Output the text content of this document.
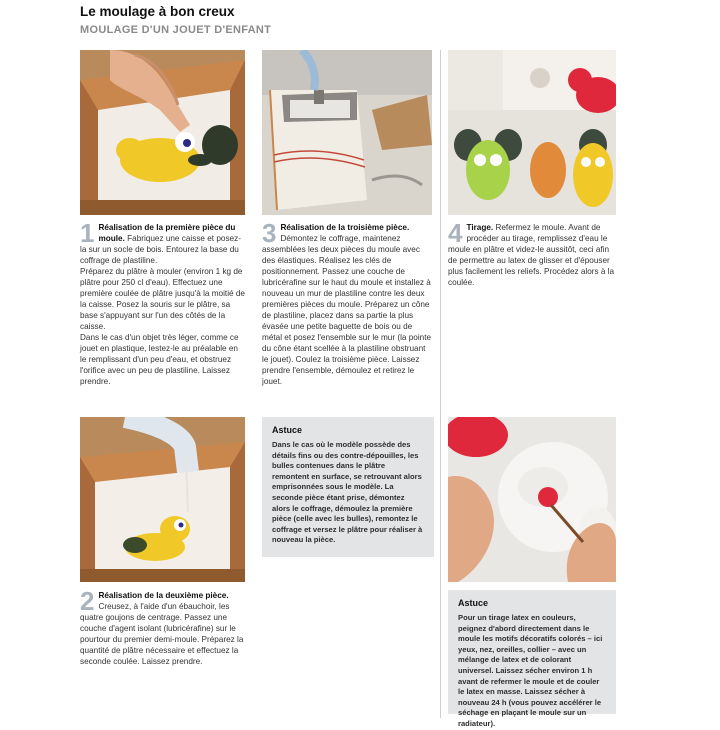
Le moulage à bon creux
MOULAGE D'UN JOUET D'ENFANT
1 Réalisation de la première pièce du moule. Fabriquez une caisse et posez-la sur un socle de bois. Entourez la base du coffrage de plastiline.
Préparez du plâtre à mouler (environ 1 kg de plâtre pour 250 cl d'eau). Effectuez une première coulée de plâtre jusqu'à la moitié de la caisse. Posez la souris sur le plâtre, sa base s'appuyant sur l'un des côtés de la caisse.
Dans le cas d'un objet très léger, comme ce jouet en plastique, lestez-le au préalable en le remplissant d'un peu d'eau, et obstruez l'orifice avec un peu de plastiline. Laissez prendre.
3 Réalisation de la troisième pièce. Démontez le coffrage, maintenez assemblées les deux pièces du moule avec des élastiques. Réalisez les clés de positionnement. Passez une couche de lubricérafine sur le haut du moule et installez à nouveau un mur de plastiline contre les deux premières pièces du moule. Préparez un cône de plastiline, placez dans sa partie la plus évasée une petite baguette de bois ou de métal et posez l'ensemble sur le mur (la pointe du cône étant scellée à la plastiline obstruant le jouet). Coulez la troisième pièce. Laissez prendre l'ensemble, démoulez et retirez le jouet.
4 Tirage. Refermez le moule. Avant de procéder au tirage, remplissez d'eau le moule en plâtre et videz-le aussitôt, ceci afin de permettre au latex de glisser et d'épouser plus facilement les reliefs. Procédez alors à la coulée.
Astuce
Dans le cas où le modèle possède des détails fins ou des contre-dépouilles, les bulles contenues dans le plâtre remontent en surface, se retrouvant alors emprisonnées sous le modèle. La seconde pièce étant prise, démontez alors le coffrage, démoulez la première pièce (celle avec les bulles), remontez le coffrage et versez le plâtre pour réaliser à nouveau la pièce.
2 Réalisation de la deuxième pièce. Creusez, à l'aide d'un ébauchoir, les quatre goujons de centrage. Passez une couche d'agent isolant (lubricérafine) sur le pourtour du premier demi-moule. Préparez la quantité de plâtre nécessaire et effectuez la seconde coulée. Laissez prendre.
Astuce
Pour un tirage latex en couleurs, peignez d'abord directement dans le moule les motifs décoratifs colorés – ici yeux, nez, oreilles, collier – avec un mélange de latex et de colorant universel. Laissez sécher environ 1 h avant de refermer le moule et de couler le latex en masse. Laissez sécher à nouveau 24 h (vous pouvez accélérer le séchage en plaçant le moule sur un radiateur).
